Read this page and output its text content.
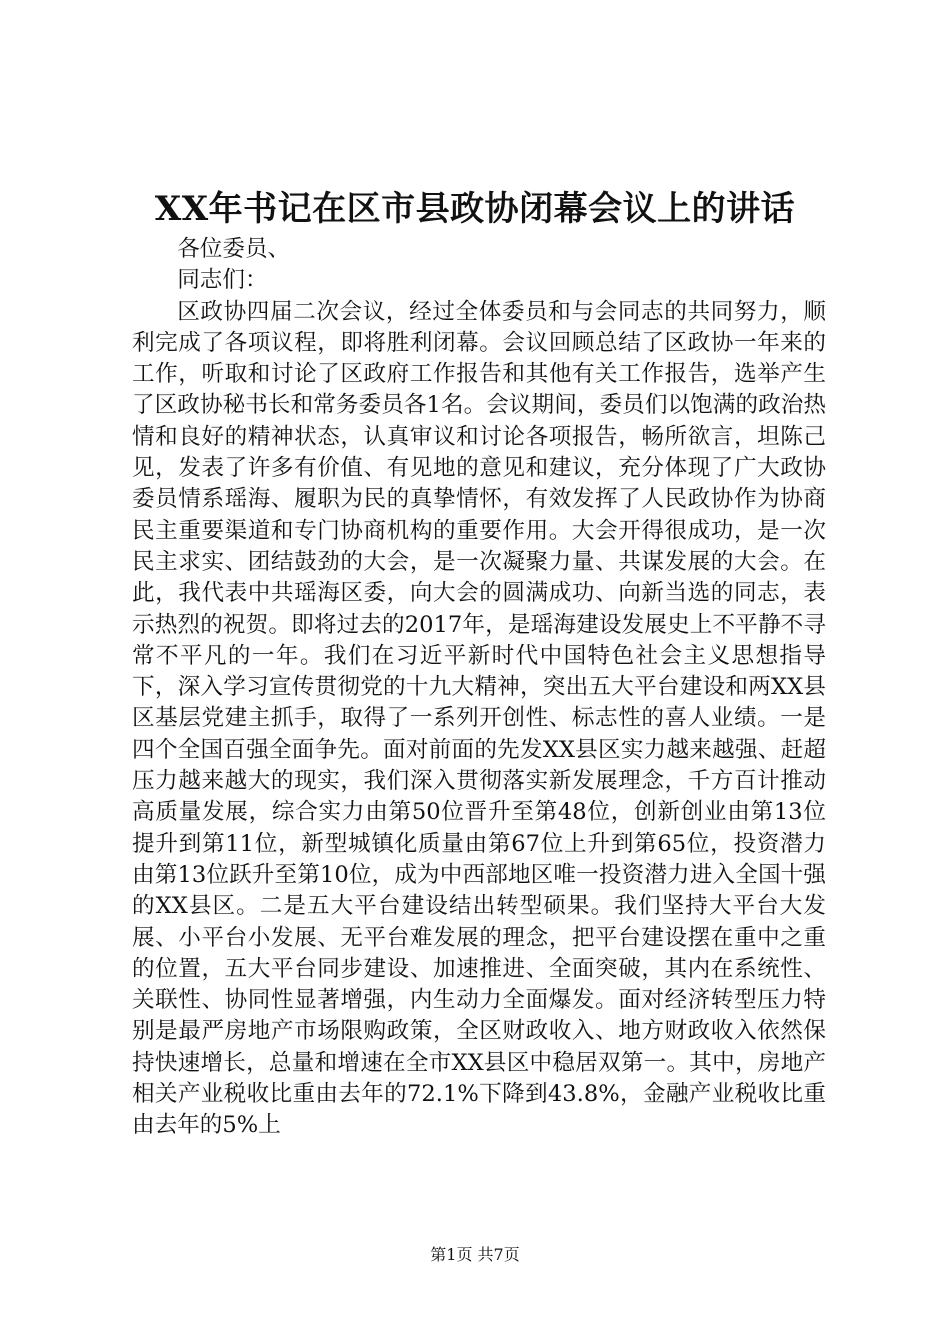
XX年书记在区市县政协闭幕会议上的讲话

各位委员、

同志们：

区政协四届二次会议，经过全体委员和与会同志的共同努力，顺利完成了各项议程，即将胜利闭幕。会议回顾总结了区政协一年来的工作，听取和讨论了区政府工作报告和其他有关工作报告，选举产生了区政协秘书长和常务委员各1名。会议期间，委员们以饱满的政治热情和良好的精神状态，认真审议和讨论各项报告，畅所欲言，坦陈己见，发表了许多有价值、有见地的意见和建议，充分体现了广大政协委员情系瑶海、履职为民的真挚情怀，有效发挥了人民政协作为协商民主重要渠道和专门协商机构的重要作用。大会开得很成功，是一次民主求实、团结鼓劲的大会，是一次凝聚力量、共谋发展的大会。在此，我代表中共瑶海区委，向大会的圆满成功、向新当选的同志，表示热烈的祝贺。即将过去的2017年，是瑶海建设发展史上不平静不寻常不平凡的一年。我们在习近平新时代中国特色社会主义思想指导下，深入学习宣传贯彻党的十九大精神，突出五大平台建设和两XX县区基层党建主抓手，取得了一系列开创性、标志性的喜人业绩。一是四个全国百强全面争先。面对前面的先发XX县区实力越来越强、赶超压力越来越大的现实，我们深入贯彻落实新发展理念，千方百计推动高质量发展，综合实力由第50位晋升至第48位，创新创业由第13位提升到第11位，新型城镇化质量由第67位上升到第65位，投资潜力由第13位跃升至第10位，成为中西部地区唯一投资潜力进入全国十强的XX县区。二是五大平台建设结出转型硕果。我们坚持大平台大发展、小平台小发展、无平台难发展的理念，把平台建设摆在重中之重的位置，五大平台同步建设、加速推进、全面突破，其内在系统性、关联性、协同性显著增强，内生动力全面爆发。面对经济转型压力特别是最严房地产市场限购政策，全区财政收入、地方财政收入依然保持快速增长，总量和增速在全市XX县区中稳居双第一。其中，房地产相关产业税收比重由去年的72.1%下降到43.8%，金融产业税收比重由去年的5%上

第1页 共7页
